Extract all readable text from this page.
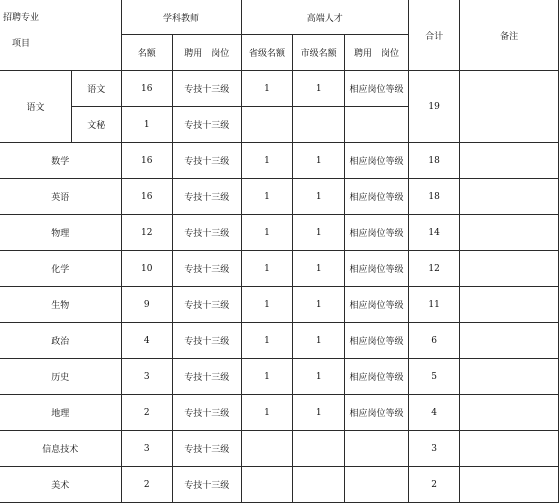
招聘专业
项目		学科教师		高端人才			合计	备注
		名额	聘用　岗位	省级名额	市级名额	聘用　岗位		
语文	语文	16	专技十三级	1	1	相应岗位等级	19	
	文秘	1	专技十三级					
数学		16	专技十三级	1	1	相应岗位等级	18	
英语		16	专技十三级	1	1	相应岗位等级	18	
物理		12	专技十三级	1	1	相应岗位等级	14	
化学		10	专技十三级	1	1	相应岗位等级	12	
生物		9	专技十三级	1	1	相应岗位等级	11	
政治		4	专技十三级	1	1	相应岗位等级	6	
历史		3	专技十三级	1	1	相应岗位等级	5	
地理		2	专技十三级	1	1	相应岗位等级	4	
信息技术		3	专技十三级				3	
美术		2	专技十三级				2	
